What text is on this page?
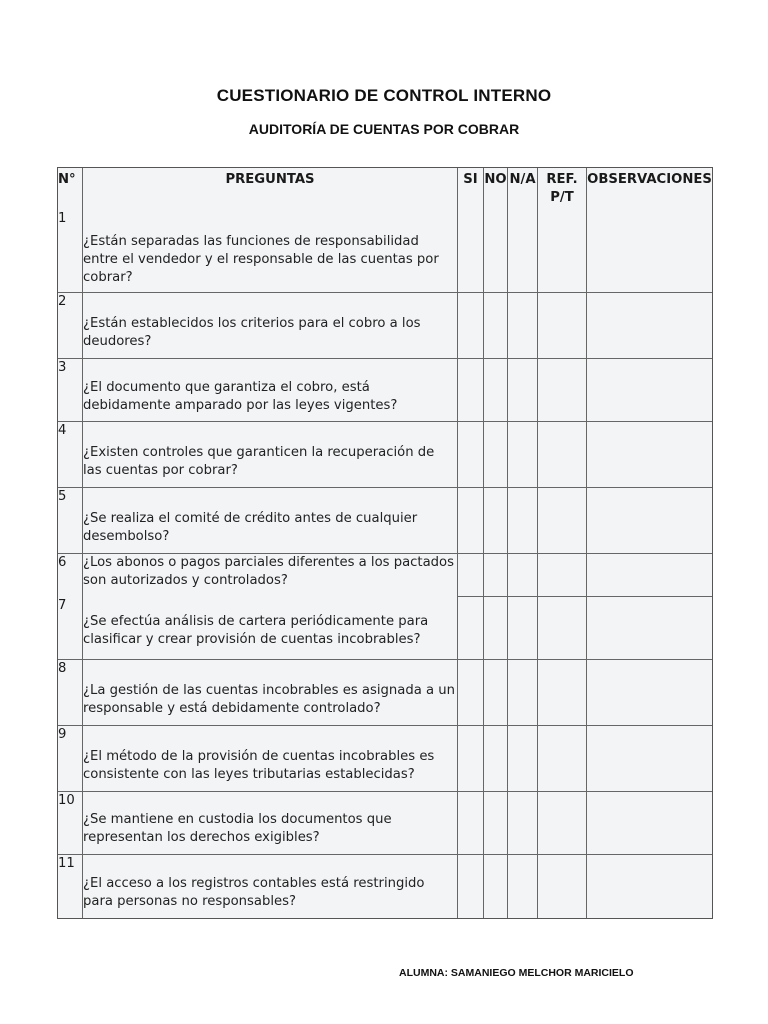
CUESTIONARIO DE CONTROL INTERNO
AUDITORÍA DE CUENTAS POR COBRAR
N°	PREGUNTAS	SI	NO	N/A	REF. P/T	OBSERVACIONES
1	¿Están separadas las funciones de responsabilidad entre el vendedor y el responsable de las cuentas por cobrar?					

2	¿Están establecidos los criterios para el cobro a los deudores?					

3	¿El documento que garantiza el cobro, está debidamente amparado por las leyes vigentes?					

4	¿Existen controles que garanticen la recuperación de las cuentas por cobrar?					

5	¿Se realiza el comité de crédito antes de cualquier desembolso?					

6	¿Los abonos o pagos parciales diferentes a los pactados son autorizados y controlados?					

7	¿Se efectúa análisis de cartera periódicamente para clasificar y crear provisión de cuentas incobrables?					

8	¿La gestión de las cuentas incobrables es asignada a un responsable y está debidamente controlado?					

9	¿El método de la provisión de cuentas incobrables es consistente con las leyes tributarias establecidas?					

10	¿Se mantiene en custodia los documentos que representan los derechos exigibles?					

11	¿El acceso a los registros contables está restringido para personas no responsables?					

ALUMNA: SAMANIEGO MELCHOR MARICIELO
